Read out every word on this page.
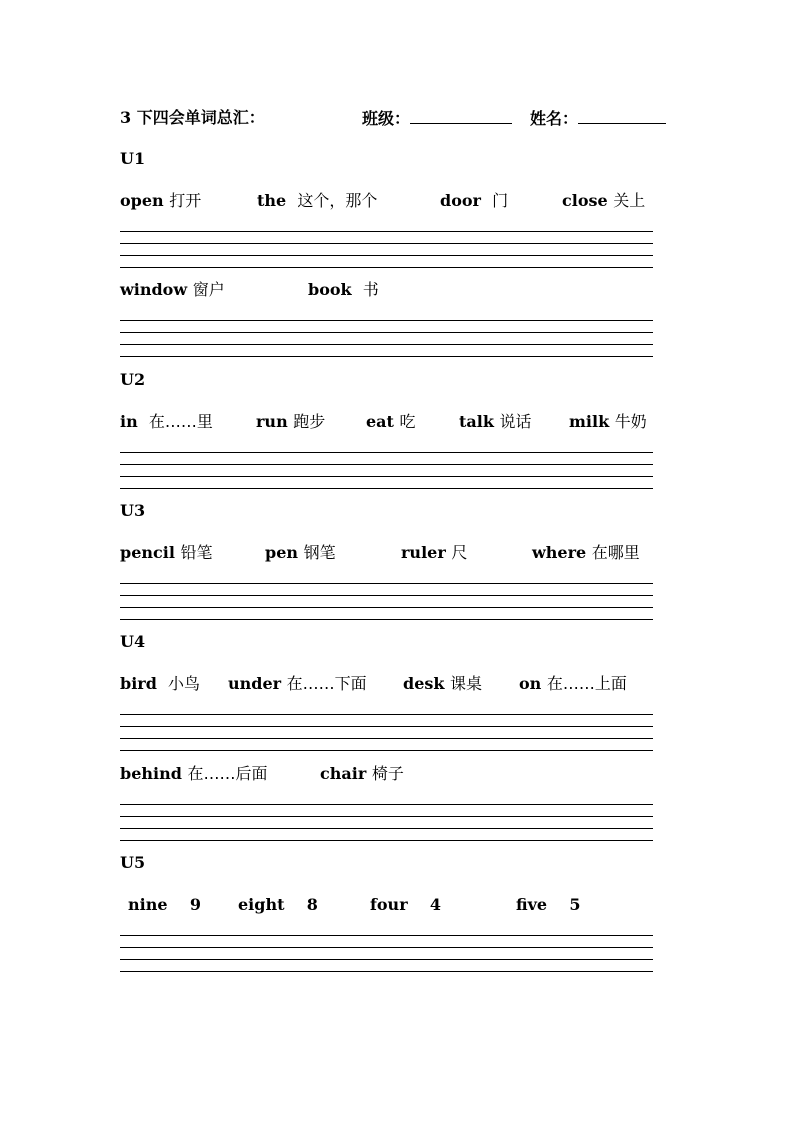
3 下四会单词总汇：	班级：	姓名：
U1
open 打开	the 这个，那个	door 门	close 关上
window 窗户	book 书
U2
in 在……里	run 跑步	eat 吃	talk 说话 milk 牛奶
U3
pencil 铅笔	pen 钢笔	ruler 尺	where 在哪里
U4
bird 小鸟 under 在……下面 desk 课桌 on 在……上面
behind 在……后面	chair 椅子
U5
nine 9 eight 8	four 4	five 5
